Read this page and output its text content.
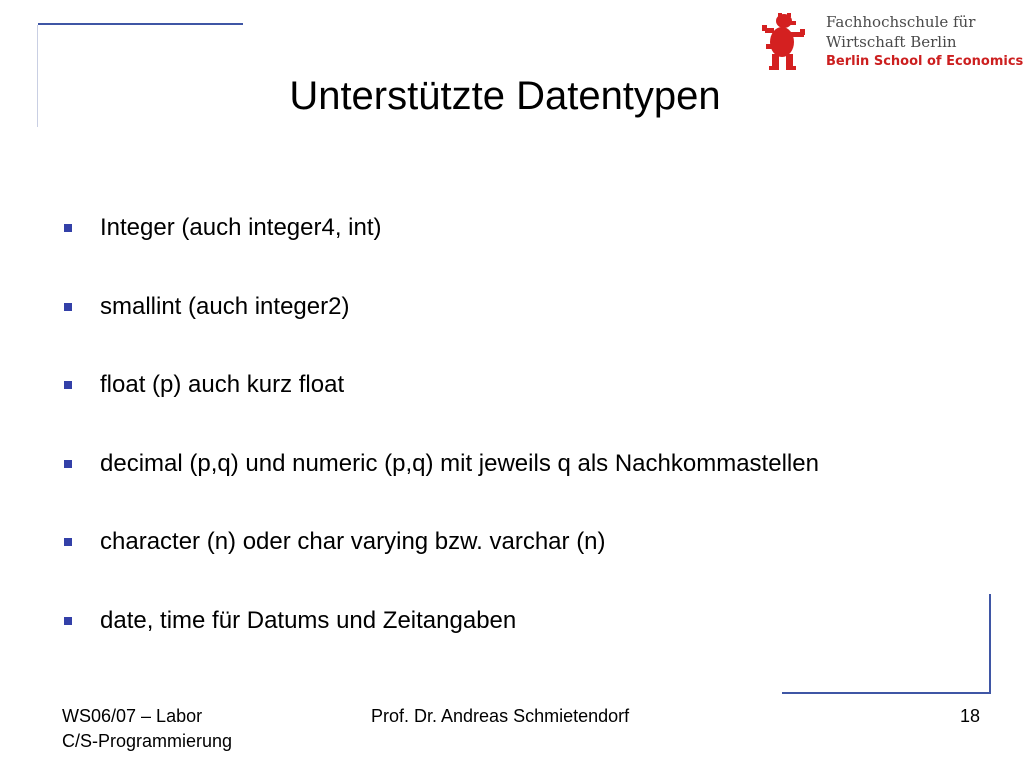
Fachhochschule für
Wirtschaft Berlin
Berlin School of Economics
Unterstützte Datentypen
Integer (auch integer4, int)
smallint (auch integer2)
float (p) auch kurz float
decimal (p,q) und numeric (p,q) mit jeweils q als Nachkommastellen
character (n) oder char varying bzw. varchar (n)
date, time für Datums und Zeitangaben
WS06/07 – Labor
C/S-Programmierung
Prof. Dr. Andreas Schmietendorf	18
